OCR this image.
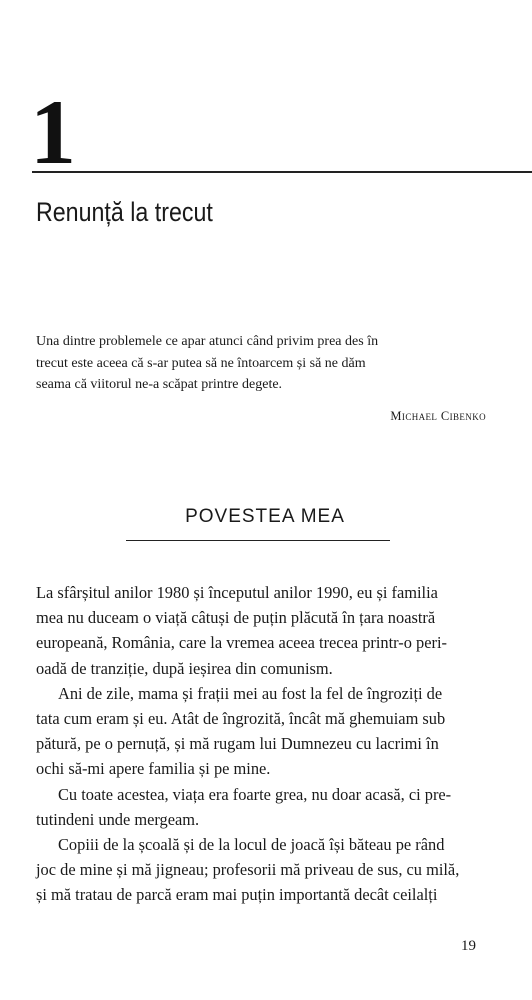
1
Renunță la trecut
Una dintre problemele ce apar atunci când privim prea des în
trecut este aceea că s-ar putea să ne întoarcem și să ne dăm
seama că viitorul ne-a scăpat printre degete.
Michael Cibenko
POVESTEA MEA
La sfârșitul anilor 1980 și începutul anilor 1990, eu și familia
mea nu duceam o viață câtuși de puțin plăcută în țara noastră
europeană, România, care la vremea aceea trecea printr-o peri-
oadă de tranziție, după ieșirea din comunism.
Ani de zile, mama și frații mei au fost la fel de îngroziți de
tata cum eram și eu. Atât de îngrozită, încât mă ghemuiam sub
pătură, pe o pernuță, și mă rugam lui Dumnezeu cu lacrimi în
ochi să-mi apere familia și pe mine.
Cu toate acestea, viața era foarte grea, nu doar acasă, ci pre-
tutindeni unde mergeam.
Copiii de la școală și de la locul de joacă își băteau pe rând
joc de mine și mă jigneau; profesorii mă priveau de sus, cu milă,
și mă tratau de parcă eram mai puțin importantă decât ceilalți
19
